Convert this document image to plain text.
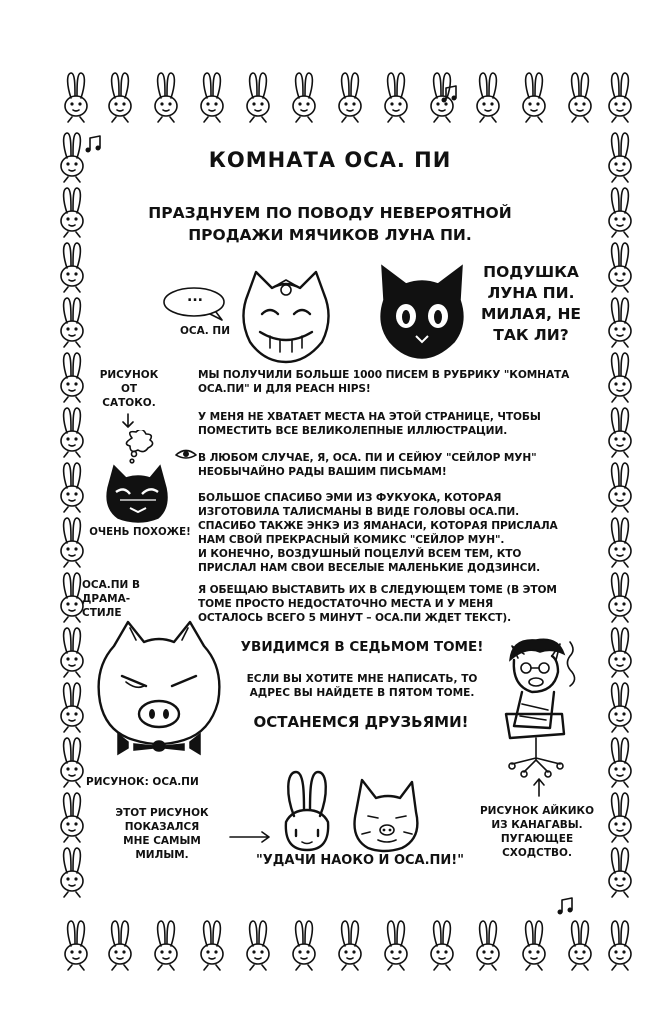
КОМНАТА ОСА. ПИ
ПРАЗДНУЕМ ПО ПОВОДУ НЕВЕРОЯТНОЙ
ПРОДАЖИ МЯЧИКОВ ЛУНА ПИ.
...
ОСА. ПИ
ПОДУШКА
ЛУНА ПИ.
МИЛАЯ, НЕ
ТАК ЛИ?
РИСУНОК
ОТ
САТОКО.
ОЧЕНЬ ПОХОЖЕ!
МЫ ПОЛУЧИЛИ БОЛЬШЕ 1000 ПИСЕМ В РУБРИКУ "КОМНАТА
ОСА.ПИ" И ДЛЯ PEACH HIPS!
У МЕНЯ НЕ ХВАТАЕТ МЕСТА НА ЭТОЙ СТРАНИЦЕ, ЧТОБЫ
ПОМЕСТИТЬ ВСЕ ВЕЛИКОЛЕПНЫЕ ИЛЛЮСТРАЦИИ.
В ЛЮБОМ СЛУЧАЕ, Я, ОСА. ПИ И СЕЙЮУ "СЕЙЛОР МУН"
НЕОБЫЧАЙНО РАДЫ ВАШИМ ПИСЬМАМ!
БОЛЬШОЕ СПАСИБО ЭМИ ИЗ ФУКУОКА, КОТОРАЯ
ИЗГОТОВИЛА ТАЛИСМАНЫ В ВИДЕ ГОЛОВЫ ОСА.ПИ.
СПАСИБО ТАКЖЕ ЭНКЭ ИЗ ЯМАНАСИ, КОТОРАЯ ПРИСЛАЛА
НАМ СВОЙ ПРЕКРАСНЫЙ КОМИКС "СЕЙЛОР МУН".
И КОНЕЧНО, ВОЗДУШНЫЙ ПОЦЕЛУЙ ВСЕМ ТЕМ, КТО
ПРИСЛАЛ НАМ СВОИ ВЕСЕЛЫЕ МАЛЕНЬКИЕ ДОДЗИНСИ.
Я ОБЕЩАЮ ВЫСТАВИТЬ ИХ В СЛЕДУЮЩЕМ ТОМЕ (В ЭТОМ
ТОМЕ ПРОСТО НЕДОСТАТОЧНО МЕСТА И У МЕНЯ
ОСТАЛОСЬ ВСЕГО 5 МИНУТ – ОСА.ПИ ЖДЕТ ТЕКСТ).
ОСА.ПИ В
ДРАМА-
СТИЛЕ
РИСУНОК: ОСА.ПИ
УВИДИМСЯ В СЕДЬМОМ ТОМЕ!
ЕСЛИ ВЫ ХОТИТЕ МНЕ НАПИСАТЬ, ТО
АДРЕС ВЫ НАЙДЕТЕ В ПЯТОМ ТОМЕ.
ОСТАНЕМСЯ ДРУЗЬЯМИ!
РИСУНОК АЙКИКО
ИЗ КАНАГАВЫ.
ПУГАЮЩЕЕ
СХОДСТВО.
ЭТОТ РИСУНОК
ПОКАЗАЛСЯ
МНЕ САМЫМ
МИЛЫМ.	"УДАЧИ НАОКО И ОСА.ПИ!"
